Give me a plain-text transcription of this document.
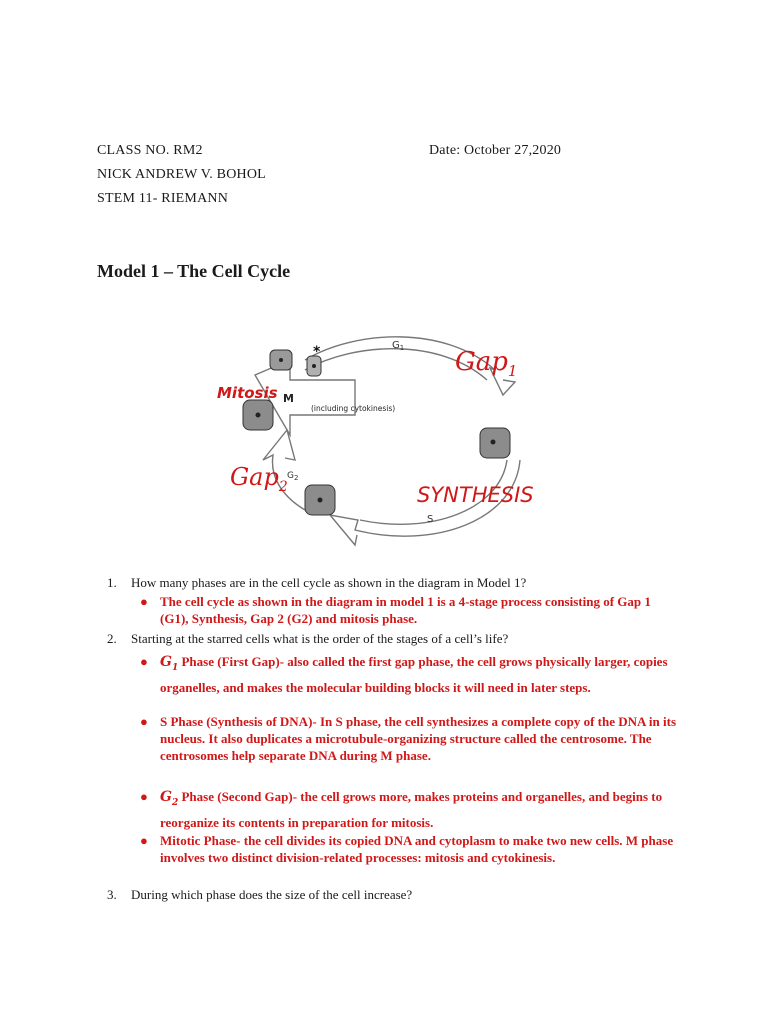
CLASS NO. RM2	Date: October 27,2020
NICK ANDREW V. BOHOL
STEM 11- RIEMANN
Model 1 – The Cell Cycle
*	$G_1$
M
(including cytokinesis)
$G_2$
S
Gap$_1$
Mitosis
Gap$_2$	SYNTHESIS
1. How many phases are in the cell cycle as shown in the diagram in Model 1?
● The cell cycle as shown in the diagram in model 1 is a 4-stage process consisting of Gap 1 (G1), Synthesis, Gap 2 (G2) and mitosis phase.
2. Starting at the starred cells what is the order of the stages of a cell’s life?
● $G_1$ Phase (First Gap)- also called the first gap phase, the cell grows physically larger, copies organelles, and makes the molecular building blocks it will need in later steps.
● S Phase (Synthesis of DNA)- In S phase, the cell synthesizes a complete copy of the DNA in its nucleus. It also duplicates a microtubule-organizing structure called the centrosome. The centrosomes help separate DNA during M phase.
● $G_2$ Phase (Second Gap)- the cell grows more, makes proteins and organelles, and begins to reorganize its contents in preparation for mitosis.
● Mitotic Phase- the cell divides its copied DNA and cytoplasm to make two new cells. M phase involves two distinct division-related processes: mitosis and cytokinesis.
3. During which phase does the size of the cell increase?
